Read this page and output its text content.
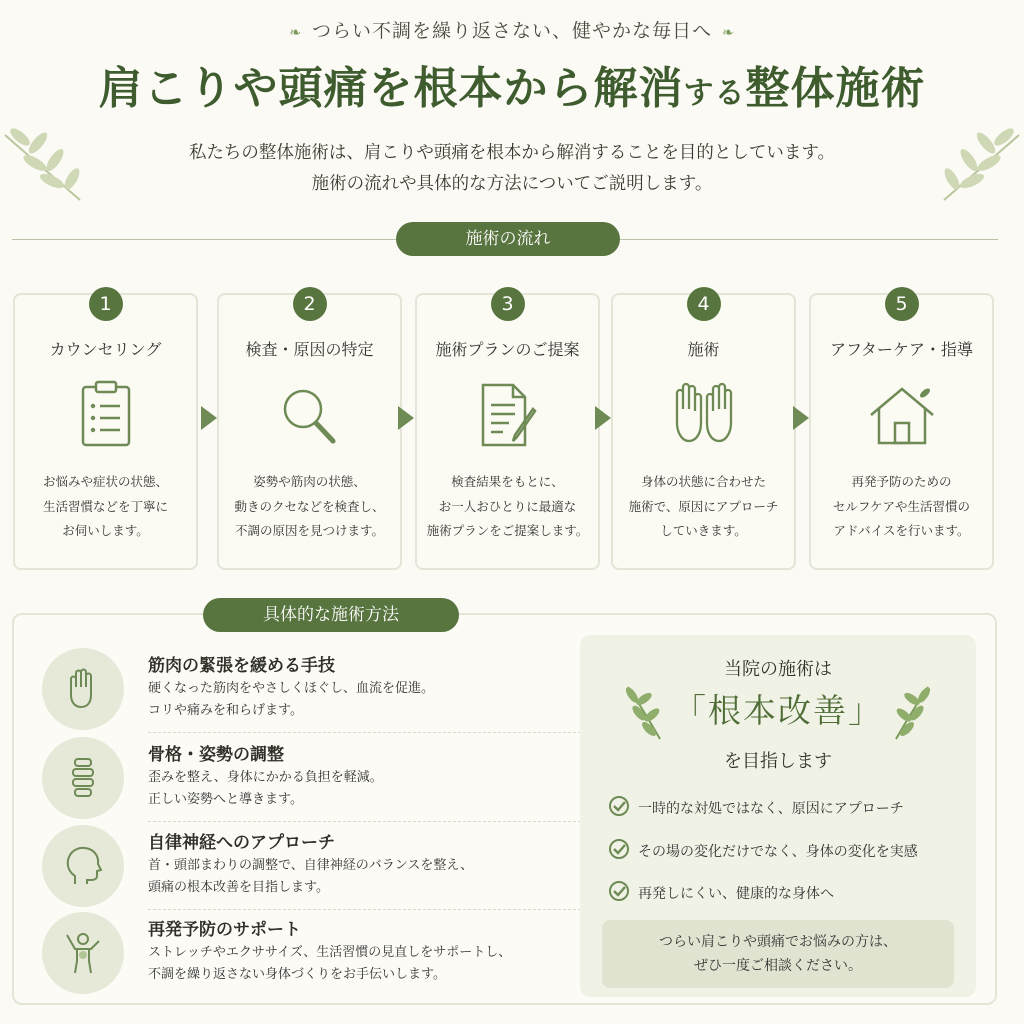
❧ つらい不調を繰り返さない、健やかな毎日へ ❧
肩こりや頭痛を根本から解消する整体施術
私たちの整体施術は、肩こりや頭痛を根本から解消することを目的としています。
施術の流れや具体的な方法についてご説明します。
施術の流れ
1
カウンセリング
お悩みや症状の状態、
生活習慣などを丁寧に
お伺いします。
2
検査・原因の特定
姿勢や筋肉の状態、
動きのクセなどを検査し、
不調の原因を見つけます。
3
施術プランのご提案
検査結果をもとに、
お一人おひとりに最適な
施術プランをご提案します。
4
施術
身体の状態に合わせた
施術で、原因にアプローチ
していきます。
5
アフターケア・指導
再発予防のための
セルフケアや生活習慣の
アドバイスを行います。
具体的な施術方法
筋肉の緊張を緩める手技
硬くなった筋肉をやさしくほぐし、血流を促進。
コリや痛みを和らげます。
骨格・姿勢の調整
歪みを整え、身体にかかる負担を軽減。
正しい姿勢へと導きます。
自律神経へのアプローチ
首・頭部まわりの調整で、自律神経のバランスを整え、
頭痛の根本改善を目指します。
再発予防のサポート
ストレッチやエクササイズ、生活習慣の見直しをサポートし、
不調を繰り返さない身体づくりをお手伝いします。
当院の施術は
「根本改善」
を目指します
一時的な対処ではなく、原因にアプローチ
その場の変化だけでなく、身体の変化を実感
再発しにくい、健康的な身体へ
つらい肩こりや頭痛でお悩みの方は、
ぜひ一度ご相談ください。
